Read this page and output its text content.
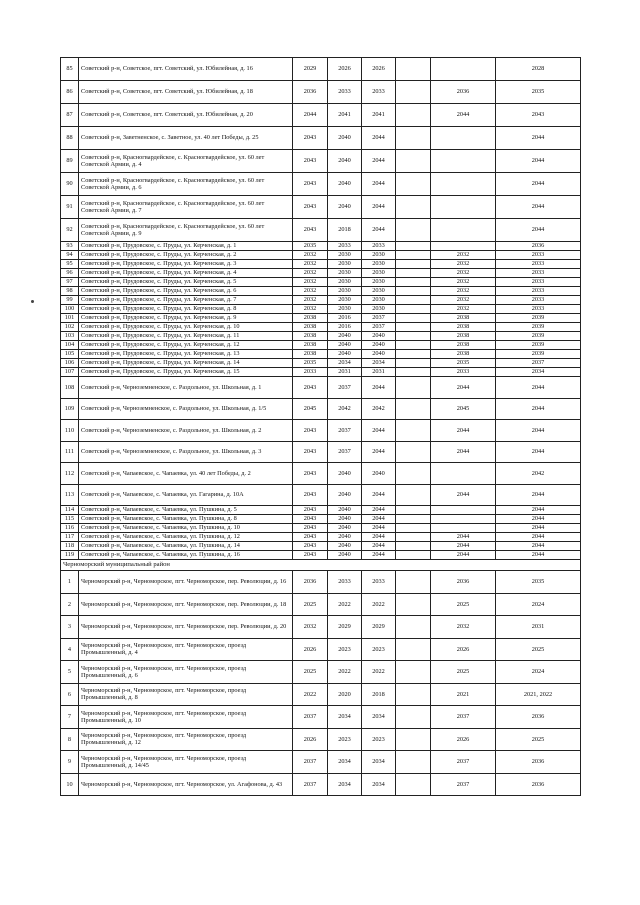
85	Советский р-н, Советское, пгт. Советский, ул. Юбилейная, д. 16	2029	2026	2026			2028
86	Советский р-н, Советское, пгт. Советский, ул. Юбилейная, д. 18	2036	2033	2033		2036	2035
87	Советский р-н, Советское, пгт. Советский, ул. Юбилейная, д. 20	2044	2041	2041		2044	2043
88	Советский р-н, Заветненское, с. Заветное, ул. 40 лет Победы, д. 25	2043	2040	2044			2044
89	Советский р-н, Красногвардейское, с. Красногвардейское, ул. 60 лет Советской Армии, д. 4	2043	2040	2044			2044
90	Советский р-н, Красногвардейское, с. Красногвардейское, ул. 60 лет Советской Армии, д. 6	2043	2040	2044			2044
91	Советский р-н, Красногвардейское, с. Красногвардейское, ул. 60 лет Советской Армии, д. 7	2043	2040	2044			2044
92	Советский р-н, Красногвардейское, с. Красногвардейское, ул. 60 лет Советской Армии, д. 9	2043	2018	2044			2044
93	Советский р-н, Прудовское, с. Пруды, ул. Керченская, д. 1	2035	2033	2033			2036
94	Советский р-н, Прудовское, с. Пруды, ул. Керченская, д. 2	2032	2030	2030		2032	2033
95	Советский р-н, Прудовское, с. Пруды, ул. Керченская, д. 3	2032	2030	2030		2032	2033
96	Советский р-н, Прудовское, с. Пруды, ул. Керченская, д. 4	2032	2030	2030		2032	2033
97	Советский р-н, Прудовское, с. Пруды, ул. Керченская, д. 5	2032	2030	2030		2032	2033
98	Советский р-н, Прудовское, с. Пруды, ул. Керченская, д. 6	2032	2030	2030		2032	2033
99	Советский р-н, Прудовское, с. Пруды, ул. Керченская, д. 7	2032	2030	2030		2032	2033
100	Советский р-н, Прудовское, с. Пруды, ул. Керченская, д. 8	2032	2030	2030		2032	2033
101	Советский р-н, Прудовское, с. Пруды, ул. Керченская, д. 9	2038	2016	2037		2038	2039
102	Советский р-н, Прудовское, с. Пруды, ул. Керченская, д. 10	2038	2016	2037		2038	2039
103	Советский р-н, Прудовское, с. Пруды, ул. Керченская, д. 11	2038	2040	2040		2038	2039
104	Советский р-н, Прудовское, с. Пруды, ул. Керченская, д. 12	2038	2040	2040		2038	2039
105	Советский р-н, Прудовское, с. Пруды, ул. Керченская, д. 13	2038	2040	2040		2038	2039
106	Советский р-н, Прудовское, с. Пруды, ул. Керченская, д. 14	2035	2034	2034		2035	2037
107	Советский р-н, Прудовское, с. Пруды, ул. Керченская, д. 15	2033	2031	2031		2033	2034
108	Советский р-н, Черноземненское, с. Раздольное, ул. Школьная, д. 1	2043	2037	2044		2044	2044
109	Советский р-н, Черноземненское, с. Раздольное, ул. Школьная, д. 1/5	2045	2042	2042		2045	2044
110	Советский р-н, Черноземненское, с. Раздольное, ул. Школьная, д. 2	2043	2037	2044		2044	2044
111	Советский р-н, Черноземненское, с. Раздольное, ул. Школьная, д. 3	2043	2037	2044		2044	2044
112	Советский р-н, Чапаевское, с. Чапаевка, ул. 40 лет Победы, д. 2	2043	2040	2040			2042
113	Советский р-н, Чапаевское, с. Чапаевка, ул. Гагарина, д. 10А	2043	2040	2044		2044	2044
114	Советский р-н, Чапаевское, с. Чапаевка, ул. Пушкина, д. 5	2043	2040	2044			2044
115	Советский р-н, Чапаевское, с. Чапаевка, ул. Пушкина, д. 8	2043	2040	2044			2044
116	Советский р-н, Чапаевское, с. Чапаевка, ул. Пушкина, д. 10	2043	2040	2044			2044
117	Советский р-н, Чапаевское, с. Чапаевка, ул. Пушкина, д. 12	2043	2040	2044		2044	2044
118	Советский р-н, Чапаевское, с. Чапаевка, ул. Пушкина, д. 14	2043	2040	2044		2044	2044
119	Советский р-н, Чапаевское, с. Чапаевка, ул. Пушкина, д. 16	2043	2040	2044		2044	2044
Черноморский муниципальный район							
1	Черноморский р-н, Черноморское, пгт. Черноморское, пер. Революции, д. 16	2036	2033	2033		2036	2035
2	Черноморский р-н, Черноморское, пгт. Черноморское, пер. Революции, д. 18	2025	2022	2022		2025	2024
3	Черноморский р-н, Черноморское, пгт. Черноморское, пер. Революции, д. 20	2032	2029	2029		2032	2031
4	Черноморский р-н, Черноморское, пгт. Черноморское, проезд Промышленный, д. 4	2026	2023	2023		2026	2025
5	Черноморский р-н, Черноморское, пгт. Черноморское, проезд Промышленный, д. 6	2025	2022	2022		2025	2024
6	Черноморский р-н, Черноморское, пгт. Черноморское, проезд Промышленный, д. 8	2022	2020	2018		2021	2021, 2022
7	Черноморский р-н, Черноморское, пгт. Черноморское, проезд Промышленный, д. 10	2037	2034	2034		2037	2036
8	Черноморский р-н, Черноморское, пгт. Черноморское, проезд Промышленный, д. 12	2026	2023	2023		2026	2025
9	Черноморский р-н, Черноморское, пгт. Черноморское, проезд Промышленный, д. 14/45	2037	2034	2034		2037	2036
10	Черноморский р-н, Черноморское, пгт. Черноморское, ул. Агафонова, д. 43	2037	2034	2034		2037	2036
